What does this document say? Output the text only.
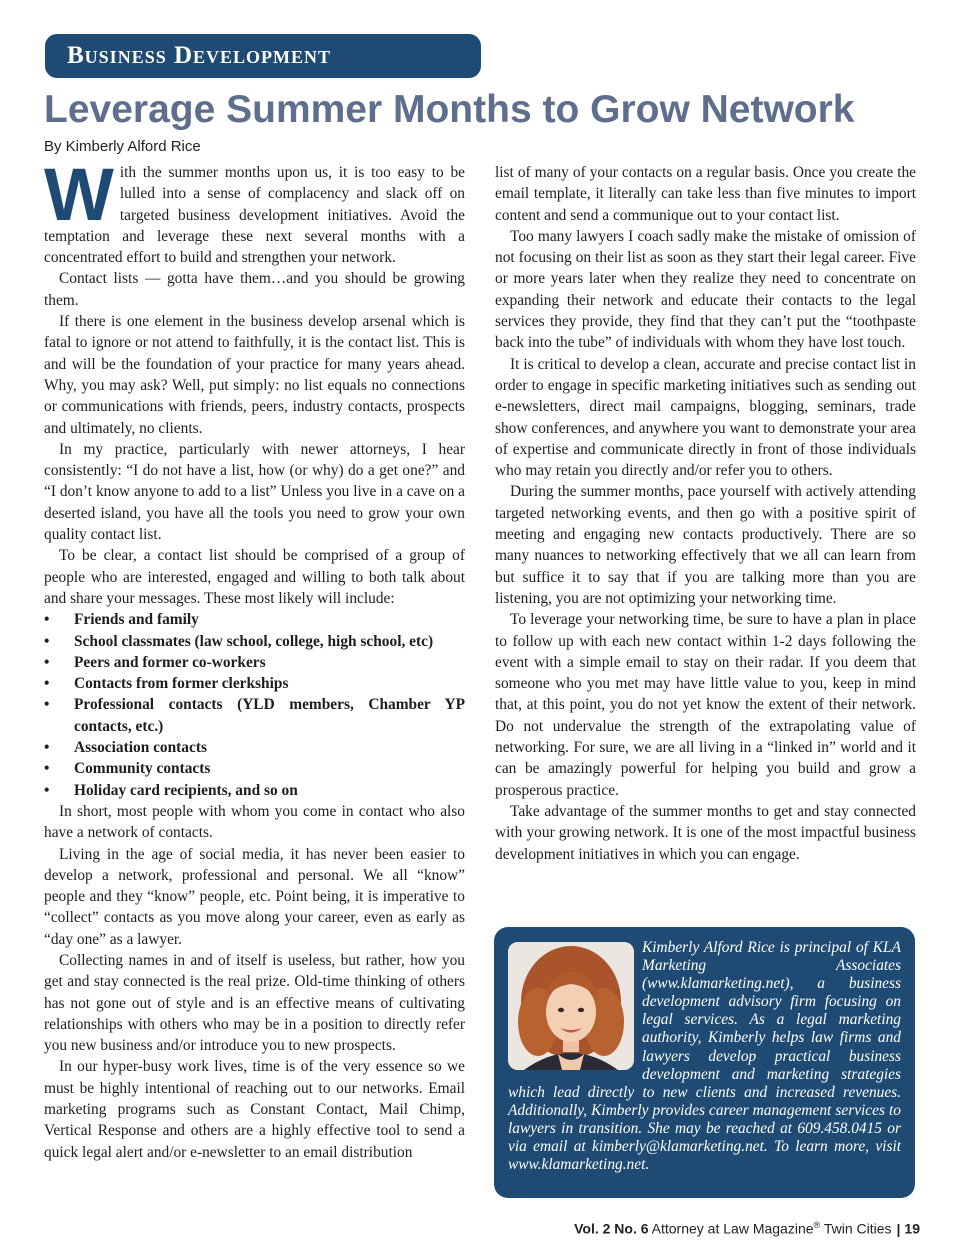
Business Development
Leverage Summer Months to Grow Network
By Kimberly Alford Rice

With the summer months upon us, it is too easy to be lulled into a sense of complacency and slack off on targeted business development initiatives. Avoid the temptation and leverage these next several months with a concentrated effort to build and strengthen your network.

Contact lists — gotta have them…and you should be growing them.

If there is one element in the business develop arsenal which is fatal to ignore or not attend to faithfully, it is the contact list. This is and will be the foundation of your practice for many years ahead. Why, you may ask? Well, put simply: no list equals no connections or communications with friends, peers, industry contacts, prospects and ultimately, no clients.

In my practice, particularly with newer attorneys, I hear consistently: “I do not have a list, how (or why) do a get one?” and “I don’t know anyone to add to a list” Unless you live in a cave on a deserted island, you have all the tools you need to grow your own quality contact list.

To be clear, a contact list should be comprised of a group of people who are interested, engaged and willing to both talk about and share your messages. These most likely will include:

• Friends and family
• School classmates (law school, college, high school, etc)
• Peers and former co-workers
• Contacts from former clerkships
• Professional contacts (YLD members, Chamber YP contacts, etc.)
• Association contacts
• Community contacts
• Holiday card recipients, and so on

In short, most people with whom you come in contact who also have a network of contacts.

Living in the age of social media, it has never been easier to develop a network, professional and personal. We all “know” people and they “know” people, etc. Point being, it is imperative to “collect” contacts as you move along your career, even as early as “day one” as a lawyer.

Collecting names in and of itself is useless, but rather, how you get and stay connected is the real prize. Old-time thinking of others has not gone out of style and is an effective means of cultivating relationships with others who may be in a position to directly refer you new business and/or introduce you to new prospects.

In our hyper-busy work lives, time is of the very essence so we must be highly intentional of reaching out to our networks. Email marketing programs such as Constant Contact, Mail Chimp, Vertical Response and others are a highly effective tool to send a quick legal alert and/or e-newsletter to an email distribution

list of many of your contacts on a regular basis. Once you create the email template, it literally can take less than five minutes to import content and send a communique out to your contact list.

Too many lawyers I coach sadly make the mistake of omission of not focusing on their list as soon as they start their legal career. Five or more years later when they realize they need to concentrate on expanding their network and educate their contacts to the legal services they provide, they find that they can’t put the “toothpaste back into the tube” of individuals with whom they have lost touch.

It is critical to develop a clean, accurate and precise contact list in order to engage in specific marketing initiatives such as sending out e-newsletters, direct mail campaigns, blogging, seminars, trade show conferences, and anywhere you want to demonstrate your area of expertise and communicate directly in front of those individuals who may retain you directly and/or refer you to others.

During the summer months, pace yourself with actively attending targeted networking events, and then go with a positive spirit of meeting and engaging new contacts productively. There are so many nuances to networking effectively that we all can learn from but suffice it to say that if you are talking more than you are listening, you are not optimizing your networking time.

To leverage your networking time, be sure to have a plan in place to follow up with each new contact within 1-2 days following the event with a simple email to stay on their radar. If you deem that someone who you met may have little value to you, keep in mind that, at this point, you do not yet know the extent of their network. Do not undervalue the strength of the extrapolating value of networking. For sure, we are all living in a “linked in” world and it can be amazingly powerful for helping you build and grow a prosperous practice.

Take advantage of the summer months to get and stay connected with your growing network. It is one of the most impactful business development initiatives in which you can engage.

Kimberly Alford Rice is principal of KLA Marketing Associates (www.klamarketing.net), a business development advisory firm focusing on legal services. As a legal marketing authority, Kimberly helps law firms and lawyers develop practical business development and marketing strategies which lead directly to new clients and increased revenues. Additionally, Kimberly provides career management services to lawyers in transition. She may be reached at 609.458.0415 or via email at kimberly@klamarketing.net. To learn more, visit www.klamarketing.net.
Vol. 2 No. 6 Attorney at Law Magazine® Twin Cities | 19
